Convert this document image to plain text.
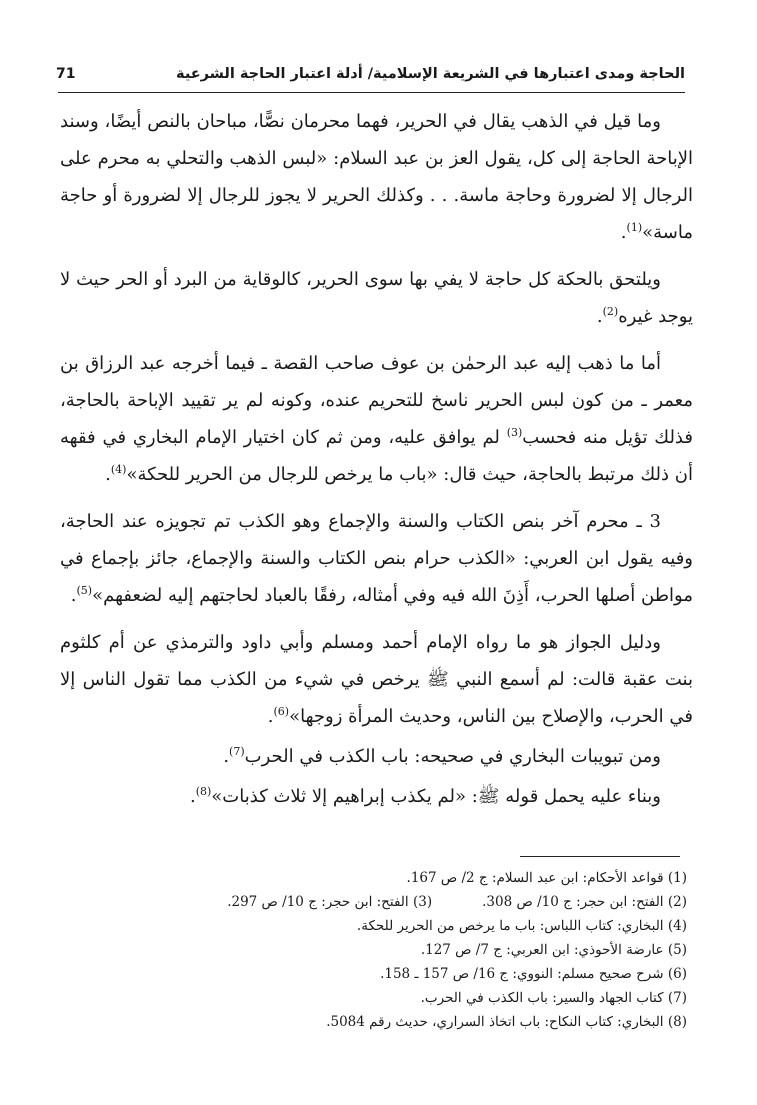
الحاجة ومدى اعتبارها في الشريعة الإسلامية/ أدلة اعتبار الحاجة الشرعية
71

وما قيل في الذهب يقال في الحرير، فهما محرمان نصًّا، مباحان بالنص أيضًا، وسند الإباحة الحاجة إلى كل، يقول العز بن عبد السلام: «لبس الذهب والتحلي به محرم على الرجال إلا لضرورة وحاجة ماسة. . . وكذلك الحرير لا يجوز للرجال إلا لضرورة أو حاجة ماسة»$^{(1)}$.

ويلتحق بالحكة كل حاجة لا يفي بها سوى الحرير، كالوقاية من البرد أو الحر حيث لا يوجد غيره$^{(2)}$.

أما ما ذهب إليه عبد الرحمٰن بن عوف صاحب القصة ـ فيما أخرجه عبد الرزاق بن معمر ـ من كون لبس الحرير ناسخ للتحريم عنده، وكونه لم ير تقييد الإباحة بالحاجة، فذلك تؤيل منه فحسب$^{(3)}$ لم يوافق عليه، ومن ثم كان اختيار الإمام البخاري في فقهه أن ذلك مرتبط بالحاجة، حيث قال: «باب ما يرخص للرجال من الحرير للحكة»$^{(4)}$.

3 ـ محرم آخر بنص الكتاب والسنة والإجماع وهو الكذب تم تجويزه عند الحاجة، وفيه يقول ابن العربي: «الكذب حرام بنص الكتاب والسنة والإجماع، جائز بإجماع في مواطن أصلها الحرب، أَذِنَ الله فيه وفي أمثاله، رفقًا بالعباد لحاجتهم إليه لضعفهم»$^{(5)}$.

ودليل الجواز هو ما رواه الإمام أحمد ومسلم وأبي داود والترمذي عن أم كلثوم بنت عقبة قالت: لم أسمع النبي ﷺ يرخص في شيء من الكذب مما تقول الناس إلا في الحرب، والإصلاح بين الناس، وحديث المرأة زوجها»$^{(6)}$.

ومن تبويبات البخاري في صحيحه: باب الكذب في الحرب$^{(7)}$.

وبناء عليه يحمل قوله ﷺ: «لم يكذب إبراهيم إلا ثلاث كذبات»$^{(8)}$.

(1) قواعد الأحكام: ابن عبد السلام: ج 2/ ص 167.
(2) الفتح: ابن حجر: ج 10/ ص 308.
(3) الفتح: ابن حجر: ج 10/ ص 297.
(4) البخاري: كتاب اللباس: باب ما يرخص من الحرير للحكة.
(5) عارضة الأحوذي: ابن العربي: ج 7/ ص 127.
(6) شرح صحيح مسلم: النووي: ج 16/ ص 157 ـ 158.
(7) كتاب الجهاد والسير: باب الكذب في الحرب.
(8) البخاري: كتاب النكاح: باب اتخاذ السراري، حديث رقم 5084.
